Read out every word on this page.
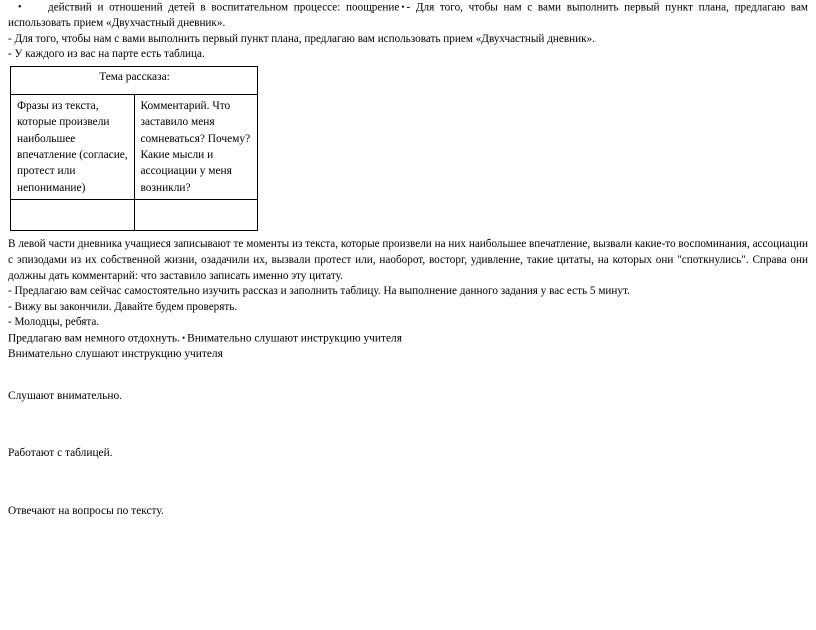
• действий и отношений детей в воспитательном процессе: поощрение • - Для того, чтобы нам с вами выполнить первый пункт плана, предлагаю вам использовать прием «Двухчастный дневник».

- Для того, чтобы нам с вами выполнить первый пункт плана, предлагаю вам использовать прием «Двухчастный дневник».

- У каждого из вас на парте есть таблица.

Тема рассказа:	
Фразы из текста, которые произвели наибольшее впечатление (согласие, протест или непонимание)	Комментарий. Что заставило меня сомневаться? Почему? Какие мысли и ассоциации у меня возникли?

В левой части дневника учащиеся записывают те моменты из текста, которые произвели на них наибольшее впечатление, вызвали какие-то воспоминания, ассоциации с эпизодами из их собственной жизни, озадачили их, вызвали протест или, наоборот, восторг, удивление, такие цитаты, на которых они "споткнулись". Справа они должны дать комментарий: что заставило записать именно эту цитату.

- Предлагаю вам сейчас самостоятельно изучить рассказ и заполнить таблицу. На выполнение данного задания у вас есть 5 минут.

- Вижу вы закончили. Давайте будем проверять.

- Молодцы, ребята.

Предлагаю вам немного отдохнуть. • Внимательно слушают инструкцию учителя

Внимательно слушают инструкцию учителя

Слушают внимательно.

Работают с таблицей.

Отвечают на вопросы по тексту.
